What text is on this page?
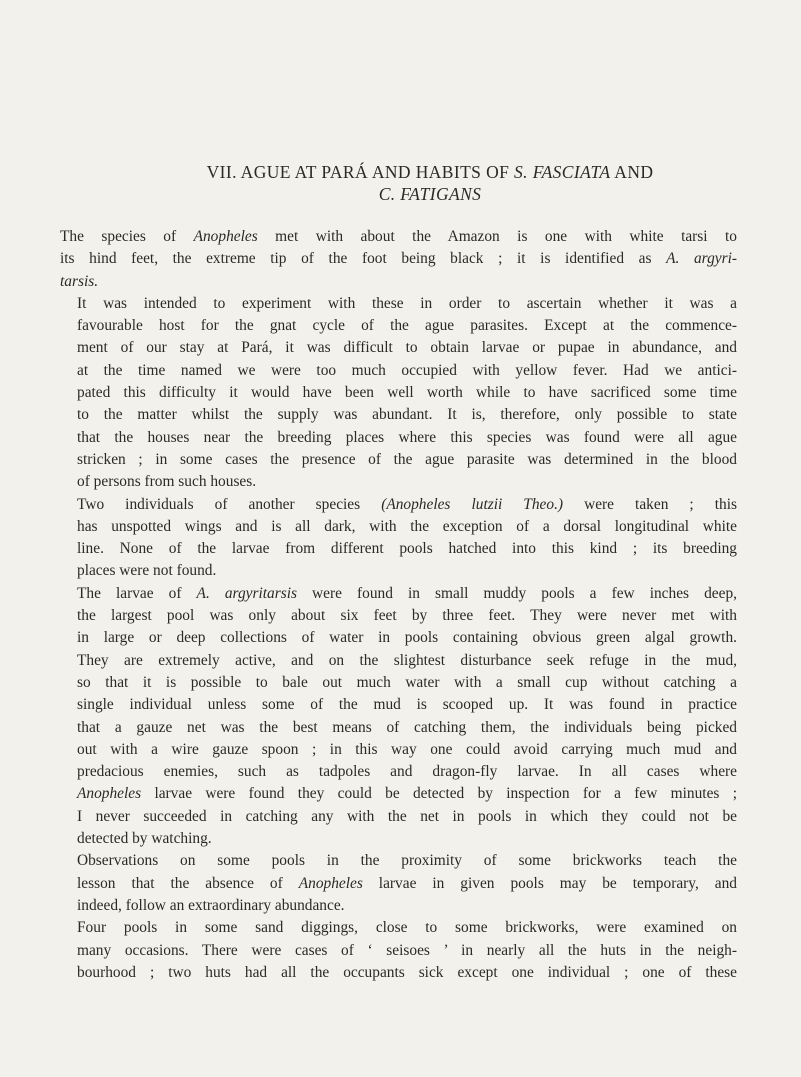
VII. AGUE AT PARÁ AND HABITS OF S. FASCIATA AND
C. FATIGANS

The species of Anopheles met with about the Amazon is one with white tarsi to
its hind feet, the extreme tip of the foot being black ; it is identified as A. argyri-
tarsis.

It was intended to experiment with these in order to ascertain whether it was a
favourable host for the gnat cycle of the ague parasites. Except at the commence-
ment of our stay at Pará, it was difficult to obtain larvae or pupae in abundance, and
at the time named we were too much occupied with yellow fever. Had we antici-
pated this difficulty it would have been well worth while to have sacrificed some time
to the matter whilst the supply was abundant. It is, therefore, only possible to state
that the houses near the breeding places where this species was found were all ague
stricken ; in some cases the presence of the ague parasite was determined in the blood
of persons from such houses.

Two individuals of another species (Anopheles lutzii Theo.) were taken ; this
has unspotted wings and is all dark, with the exception of a dorsal longitudinal white
line. None of the larvae from different pools hatched into this kind ; its breeding
places were not found.

The larvae of A. argyritarsis were found in small muddy pools a few inches deep,
the largest pool was only about six feet by three feet. They were never met with
in large or deep collections of water in pools containing obvious green algal growth.
They are extremely active, and on the slightest disturbance seek refuge in the mud,
so that it is possible to bale out much water with a small cup without catching a
single individual unless some of the mud is scooped up. It was found in practice
that a gauze net was the best means of catching them, the individuals being picked
out with a wire gauze spoon ; in this way one could avoid carrying much mud and
predacious enemies, such as tadpoles and dragon-fly larvae. In all cases where
Anopheles larvae were found they could be detected by inspection for a few minutes ;
I never succeeded in catching any with the net in pools in which they could not be
detected by watching.

Observations on some pools in the proximity of some brickworks teach the
lesson that the absence of Anopheles larvae in given pools may be temporary, and
indeed, follow an extraordinary abundance.

Four pools in some sand diggings, close to some brickworks, were examined on
many occasions. There were cases of ‘ seisoes ’ in nearly all the huts in the neigh-
bourhood ; two huts had all the occupants sick except one individual ; one of these
